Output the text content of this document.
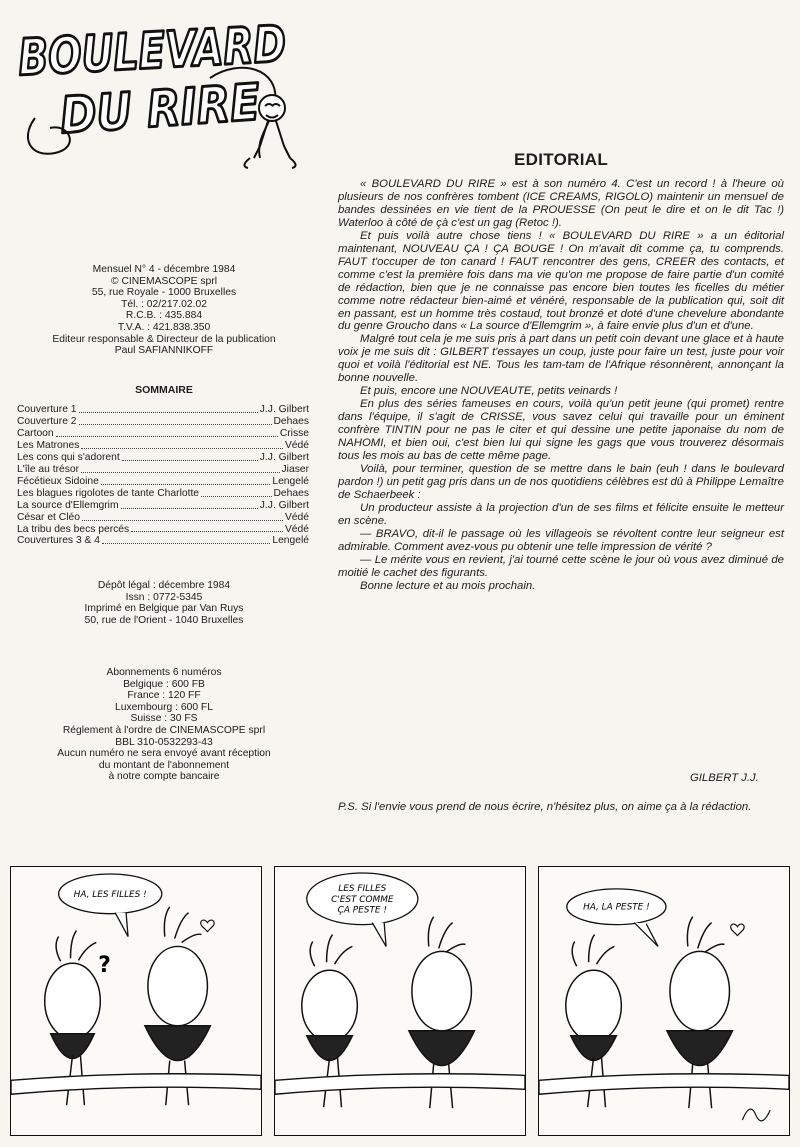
BOULEVARD
DU RIRE
Mensuel N° 4 - décembre 1984
© CINEMASCOPE sprl
55, rue Royale - 1000 Bruxelles
Tél. : 02/217.02.02
R.C.B. : 435.884
T.V.A. : 421.838.350
Editeur responsable & Directeur de la publication
Paul SAFIANNIKOFF
SOMMAIRE
Couverture 1	J.J. Gilbert
Couverture 2	Dehaes
Cartoon	Crisse
Les Matrones	Védé
Les cons qui s'adorent	J.J. Gilbert
L'île au trésor	Jiaser
Fécétieux Sidoine	Lengelé
Les blagues rigolotes de tante Charlotte	Dehaes
La source d'Ellemgrim	J.J. Gilbert
César et Cléo	Védé
La tribu des becs percés	Védé
Couvertures 3 & 4	Lengelé
Dépôt légal : décembre 1984
Issn : 0772-5345
Imprimé en Belgique par Van Ruys
50, rue de l'Orient - 1040 Bruxelles
Abonnements 6 numéros
Belgique : 600 FB
France : 120 FF
Luxembourg : 600 FL
Suisse : 30 FS
Réglement à l'ordre de CINEMASCOPE sprl
BBL 310-0532293-43
Aucun numéro ne sera envoyé avant réception
du montant de l'abonnement
à notre compte bancaire
EDITORIAL

« BOULEVARD DU RIRE » est à son numéro 4. C'est un record ! à l'heure où plusieurs de nos confrères tombent (ICE CREAMS, RIGOLO) maintenir un mensuel de bandes dessinées en vie tient de la PROUESSE (On peut le dire et on le dit Tac !) Waterloo à côté de çà c'est un gag (Retoc !).

Et puis voilà autre chose tiens ! « BOULEVARD DU RIRE » a un éditorial maintenant, NOUVEAU ÇA ! ÇA BOUGE ! On m'avait dit comme ça, tu comprends. FAUT t'occuper de ton canard ! FAUT rencontrer des gens, CREER des contacts, et comme c'est la première fois dans ma vie qu'on me propose de faire partie d'un comité de rédaction, bien que je ne connaisse pas encore bien toutes les ficelles du métier comme notre rédacteur bien-aimé et vénéré, responsable de la publication qui, soit dit en passant, est un homme très costaud, tout bronzé et doté d'une chevelure abondante du genre Groucho dans « La source d'Ellemgrim », à faire envie plus d'un et d'une.

Malgré tout cela je me suis pris à part dans un petit coin devant une glace et à haute voix je me suis dit : GILBERT t'essayes un coup, juste pour faire un test, juste pour voir quoi et voilà l'éditorial est NE. Tous les tam-tam de l'Afrique résonnèrent, annonçant la bonne nouvelle.

Et puis, encore une NOUVEAUTE, petits veinards !

En plus des séries fameuses en cours, voilà qu'un petit jeune (qui promet) rentre dans l'équipe, il s'agit de CRISSE, vous savez celui qui travaille pour un éminent confrère TINTIN pour ne pas le citer et qui dessine une petite japonaise du nom de NAHOMI, et bien oui, c'est bien lui qui signe les gags que vous trouverez désormais tous les mois au bas de cette même page.

Voilà, pour terminer, question de se mettre dans le bain (euh ! dans le boulevard pardon !) un petit gag pris dans un de nos quotidiens célèbres est dû à Philippe Lemaître de Schaerbeek :

Un producteur assiste à la projection d'un de ses films et félicite ensuite le metteur en scène.

— BRAVO, dit-il le passage où les villageois se révoltent contre leur seigneur est admirable. Comment avez-vous pu obtenir une telle impression de vérité ?

— Le mérite vous en revient, j'ai tourné cette scène le jour où vous avez diminué de moitié le cachet des figurants.

Bonne lecture et au mois prochain.

GILBERT J.J.
P.S. Si l'envie vous prend de nous écrire, n'hésitez plus, on aime ça à la rédaction.
HA, LES FILLES !
?
LES FILLES
C'EST COMME
ÇA PESTE !	HA, LA PESTE !
